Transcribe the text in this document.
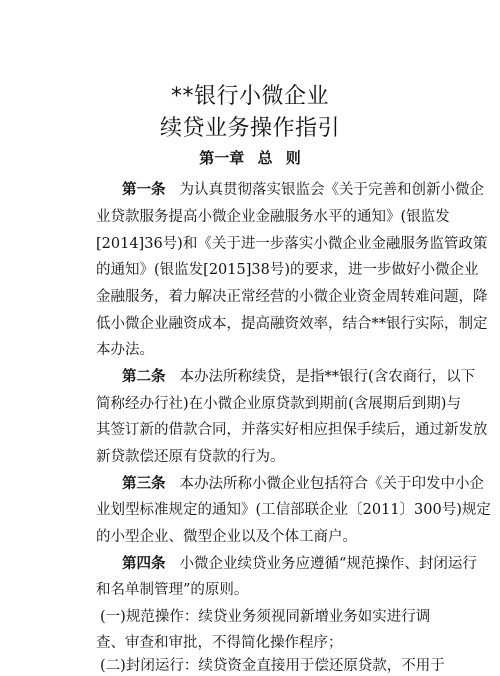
**银行小微企业
续贷业务操作指引
第一章 总 则
第一条 为认真贯彻落实银监会《关于完善和创新小微企
业贷款服务提高小微企业金融服务水平的通知》(银监发
[2014]36号)和《关于进一步落实小微企业金融服务监管政策
的通知》(银监发[2015]38号)的要求，进一步做好小微企业
金融服务，着力解决正常经营的小微企业资金周转难问题，降
低小微企业融资成本，提高融资效率，结合**银行实际，制定
本办法。
第二条 本办法所称续贷，是指**银行(含农商行，以下
简称经办行社)在小微企业原贷款到期前(含展期后到期)与
其签订新的借款合同，并落实好相应担保手续后，通过新发放
新贷款偿还原有贷款的行为。
第三条 本办法所称小微企业包括符合《关于印发中小企
业划型标准规定的通知》(工信部联企业〔2011〕300号)规定
的小型企业、微型企业以及个体工商户。
第四条 小微企业续贷业务应遵循“规范操作、封闭运行
和名单制管理”的原则。
(一)规范操作：续贷业务须视同新增业务如实进行调
查、审查和审批，不得简化操作程序；
(二)封闭运行：续贷资金直接用于偿还原贷款，不用于
